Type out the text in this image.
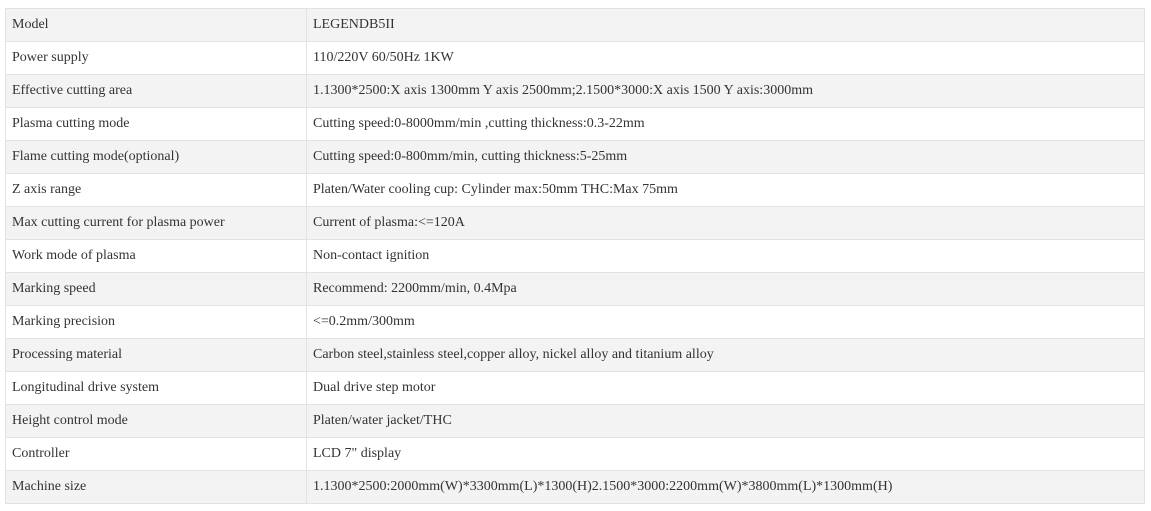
Model	LEGENDB5II
Power supply	110/220V 60/50Hz 1KW
Effective cutting area	1.1300*2500:X axis 1300mm Y axis 2500mm;2.1500*3000:X axis 1500 Y axis:3000mm
Plasma cutting mode	Cutting speed:0-8000mm/min ,cutting thickness:0.3-22mm
Flame cutting mode(optional)	Cutting speed:0-800mm/min, cutting thickness:5-25mm
Z axis range	Platen/Water cooling cup: Cylinder max:50mm THC:Max 75mm
Max cutting current for plasma power	Current of plasma:<=120A
Work mode of plasma	Non-contact ignition
Marking speed	Recommend: 2200mm/min, 0.4Mpa
Marking precision	<=0.2mm/300mm
Processing material	Carbon steel,stainless steel,copper alloy, nickel alloy and titanium alloy
Longitudinal drive system	Dual drive step motor
Height control mode	Platen/water jacket/THC
Controller	LCD 7" display
Machine size	1.1300*2500:2000mm(W)*3300mm(L)*1300(H)2.1500*3000:2200mm(W)*3800mm(L)*1300mm(H)
